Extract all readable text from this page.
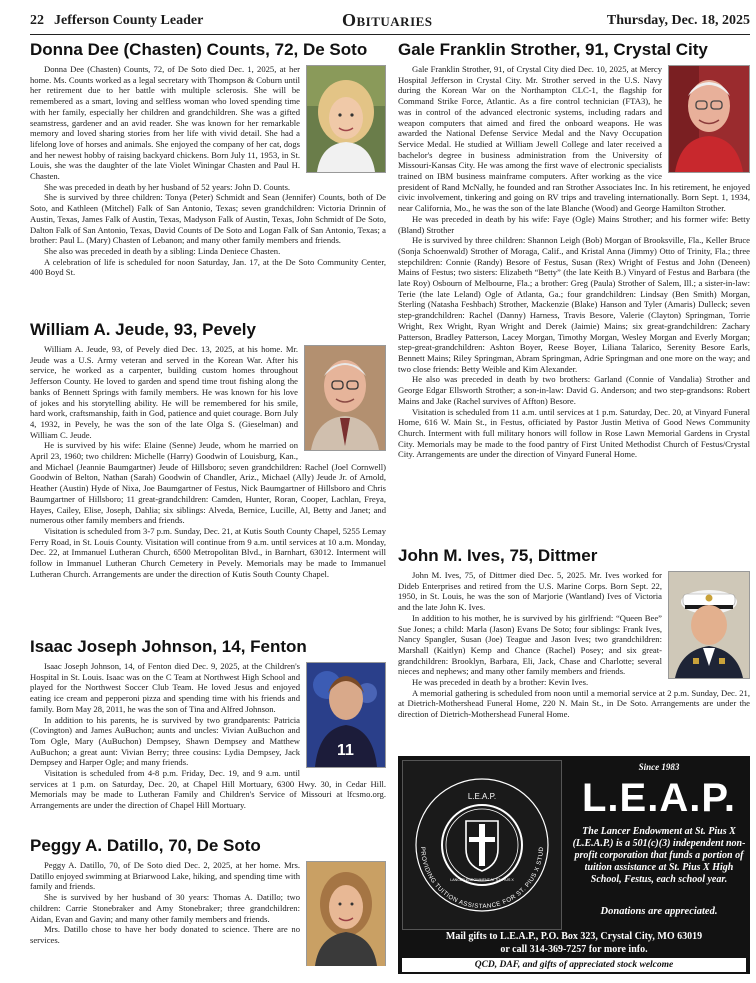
22 Jefferson County Leader	Obituaries	Thursday, Dec. 18, 2025
Donna Dee (Chasten) Counts, 72, De Soto

Donna Dee (Chasten) Counts, 72, of De Soto died Dec. 1, 2025, at her home. Ms. Counts worked as a legal secretary with Thompson & Coburn until her retirement due to her battle with multiple sclerosis. She will be remembered as a smart, loving and selfless woman who loved spending time with her family, especially her children and grandchildren. She was a gifted seamstress, gardener and an avid reader. She was known for her remarkable memory and loved sharing stories from her life with vivid detail. She had a lifelong love of horses and animals. She enjoyed the company of her cat, dogs and her newest hobby of raising backyard chickens. Born July 11, 1953, in St. Louis, she was the daughter of the late Violet Winingar Chasten and Paul H. Chasten.

She was preceded in death by her husband of 52 years: John D. Counts.

She is survived by three children: Tonya (Peter) Schmidt and Sean (Jennifer) Counts, both of De Soto, and Kathleen (Mitchel) Falk of San Antonio, Texas; seven grandchildren: Victoria Drinnin of Austin, Texas, James Falk of Austin, Texas, Madyson Falk of Austin, Texas, John Schmidt of De Soto, Dalton Falk of San Antonio, Texas, David Counts of De Soto and Logan Falk of San Antonio, Texas; a brother: Paul L. (Mary) Chasten of Lebanon; and many other family members and friends.

She also was preceded in death by a sibling: Linda Deniece Chasten.

A celebration of life is scheduled for noon Saturday, Jan. 17, at the De Soto Community Center, 400 Boyd St.

William A. Jeude, 93, Pevely

William A. Jeude, 93, of Pevely died Dec. 13, 2025, at his home. Mr. Jeude was a U.S. Army veteran and served in the Korean War. After his service, he worked as a carpenter, building custom homes throughout Jefferson County. He loved to garden and spend time trout fishing along the banks of Bennett Springs with family members. He was known for his love of jokes and his storytelling ability. He will be remembered for his smile, hard work, craftsmanship, faith in God, patience and quiet courage. Born July 4, 1932, in Pevely, he was the son of the late Olga S. (Gieselman) and William C. Jeude.

He is survived by his wife: Elaine (Senne) Jeude, whom he married on April 23, 1960; two children: Michelle (Harry) Goodwin of Louisburg, Kan., and Michael (Jeannie Baumgartner) Jeude of Hillsboro; seven grandchildren: Rachel (Joel Cornwell) Goodwin of Belton, Nathan (Sarah) Goodwin of Chandler, Ariz., Michael (Ally) Jeude Jr. of Arnold, Heather (Austin) Hyde of Nixa, Joe Baumgartner of Festus, Nick Baumgartner of Hillsboro and Chris Baumgartner of Hillsboro; 11 great-grandchildren: Camden, Hunter, Roran, Cooper, Lachlan, Freya, Hayes, Cailey, Elise, Joseph, Dahlia; six siblings: Alveda, Bernice, Lucille, Al, Betty and Janet; and numerous other family members and friends.

Visitation is scheduled from 3-7 p.m. Sunday, Dec. 21, at Kutis South County Chapel, 5255 Lemay Ferry Road, in St. Louis County. Visitation will continue from 9 a.m. until services at 10 a.m. Monday, Dec. 22, at Immanuel Lutheran Church, 6500 Metropolitan Blvd., in Barnhart, 63012. Interment will follow in Immanuel Lutheran Church Cemetery in Pevely. Memorials may be made to Immanuel Lutheran Church. Arrangements are under the direction of Kutis South County Chapel.

Isaac Joseph Johnson, 14, Fenton
11

Isaac Joseph Johnson, 14, of Fenton died Dec. 9, 2025, at the Children's Hospital in St. Louis. Isaac was on the C Team at Northwest High School and played for the Northwest Soccer Club Team. He loved Jesus and enjoyed eating ice cream and pepperoni pizza and spending time with his friends and family. Born May 28, 2011, he was the son of Tina and Alfred Johnson.

In addition to his parents, he is survived by two grandparents: Patricia (Covington) and James AuBuchon; aunts and uncles: Vivian AuBuchon and Tom Ogle, Mary (AuBuchon) Dempsey, Shawn Dempsey and Matthew AuBuchon; a great aunt: Vivian Berry; three cousins: Lydia Dempsey, Jack Dempsey and Harper Ogle; and many friends.

Visitation is scheduled from 4-8 p.m. Friday, Dec. 19, and 9 a.m. until services at 1 p.m. on Saturday, Dec. 20, at Chapel Hill Mortuary, 6300 Hwy. 30, in Cedar Hill. Memorials may be made to Lutheran Family and Children's Service of Missouri at lfcsmo.org. Arrangements are under the direction of Chapel Hill Mortuary.

Peggy A. Datillo, 70, De Soto

Peggy A. Datillo, 70, of De Soto died Dec. 2, 2025, at her home. Mrs. Datillo enjoyed swimming at Briarwood Lake, hiking, and spending time with family and friends.

She is survived by her husband of 30 years: Thomas A. Datillo; two children: Carrie Stonebraker and Amy Stonebraker; three grandchildren: Aidan, Evan and Gavin; and many other family members and friends.

Mrs. Datillo chose to have her body donated to science. There are no services.

Gale Franklin Strother, 91, Crystal City

Gale Franklin Strother, 91, of Crystal City died Dec. 10, 2025, at Mercy Hospital Jefferson in Crystal City. Mr. Strother served in the U.S. Navy during the Korean War on the Northampton CLC-1, the flagship for Command Strike Force, Atlantic. As a fire control technician (FTA3), he was in control of the advanced electronic systems, including radars and weapon computers that aimed and fired the onboard weapons. He was awarded the National Defense Service Medal and the Navy Occupation Service Medal. He studied at William Jewell College and later received a bachelor's degree in business administration from the University of Missouri-Kansas City. He was among the first wave of electronic specialists trained on IBM business mainframe computers. After working as the vice president of Rand McNally, he founded and ran Strother Associates Inc. In his retirement, he enjoyed civic involvement, tinkering and going on RV trips and traveling internationally. Born Sept. 1, 1934, near California, Mo., he was the son of the late Blanche (Wood) and George Hamilton Strother.

He was preceded in death by his wife: Faye (Ogle) Mains Strother; and his former wife: Betty (Bland) Strother

He is survived by three children: Shannon Leigh (Bob) Morgan of Brooksville, Fla., Keller Bruce (Sonja Schoenwald) Strother of Moraga, Calif., and Kristal Anna (Jimmy) Otto of Trinity, Fla.; three stepchildren: Connie (Randy) Besore of Festus, Susan (Rex) Wright of Festus and John (Deneen) Mains of Festus; two sisters: Elizabeth “Betty” (the late Keith B.) Vinyard of Festus and Barbara (the late Roy) Osbourn of Melbourne, Fla.; a brother: Greg (Paula) Strother of Salem, Ill.; a sister-in-law: Terie (the late Leland) Ogle of Atlanta, Ga.; four grandchildren: Lindsay (Ben Smith) Morgan, Sterling (Natasha Feshbach) Strother, Mackenzie (Blake) Hanson and Tyler (Amaris) Dulleck; seven step-grandchildren: Rachel (Danny) Harness, Travis Besore, Valerie (Clayton) Springman, Torrie Wright, Rex Wright, Ryan Wright and Derek (Jaimie) Mains; six great-grandchildren: Zachary Patterson, Bradley Patterson, Lacey Morgan, Timothy Morgan, Wesley Morgan and Everly Morgan; step-great-grandchildren: Ashton Boyer, Reese Boyer, Liliana Talarico, Serenity Besore Earls, Bennett Mains; Riley Springman, Abram Springman, Adrie Springman and one more on the way; and two close friends: Betty Weible and Kim Alexander.

He also was preceded in death by two brothers: Garland (Connie of Vandalia) Strother and George Edgar Ellsworth Strother; a son-in-law: David G. Anderson; and two step-grandsons: Robert Mains and Jake (Rachel survives of Affton) Besore.

Visitation is scheduled from 11 a.m. until services at 1 p.m. Saturday, Dec. 20, at Vinyard Funeral Home, 616 W. Main St., in Festus, officiated by Pastor Justin Metiva of Good News Community Church. Interment with full military honors will follow in Rose Lawn Memorial Gardens in Crystal City. Memorials may be made to the food pantry of First United Methodist Church of Festus/Crystal City. Arrangements are under the direction of Vinyard Funeral Home.

John M. Ives, 75, Dittmer

John M. Ives, 75, of Dittmer died Dec. 5, 2025. Mr. Ives worked for Dideb Enterprises and retired from the U.S. Marine Corps. Born Sept. 22, 1950, in St. Louis, he was the son of Marjorie (Wantland) Ives of Victoria and the late John K. Ives.

In addition to his mother, he is survived by his girlfriend: “Queen Bee” Sue Jones; a child: Marla (Jason) Evans De Soto; four siblings: Frank Ives, Nancy Spangler, Susan (Joe) Teague and Jason Ives; two grandchildren: Marshall (Kaitlyn) Kemp and Chance (Rachel) Posey; and six great-grandchildren: Brooklyn, Barbara, Eli, Jack, Chase and Charlotte; several nieces and nephews; and many other family members and friends.

He was preceded in death by a brother: Kevin Ives.

A memorial gathering is scheduled from noon until a memorial service at 2 p.m. Sunday, Dec. 21, at Dietrich-Mothershead Funeral Home, 220 N. Main St., in De Soto. Arrangements are under the direction of Dietrich-Mothershead Funeral Home.

PROVIDING TUITION ASSISTANCE FOR ST. PIUS X STUD
L.E.A.P.
LANCER ENDOWMENT AT ST. PIUS X
Since 1983
L.E.A.P.
The Lancer Endowment at St. Pius X (L.E.A.P.) is a 501(c)(3) independent non-profit corporation that funds a portion of tuition assistance at St. Pius X High School, Festus, each school year.
Donations are appreciated.
Mail gifts to L.E.A.P., P.O. Box 323, Crystal City, MO 63019
or call 314-369-7257 for more info.
QCD, DAF, and gifts of appreciated stock welcome
